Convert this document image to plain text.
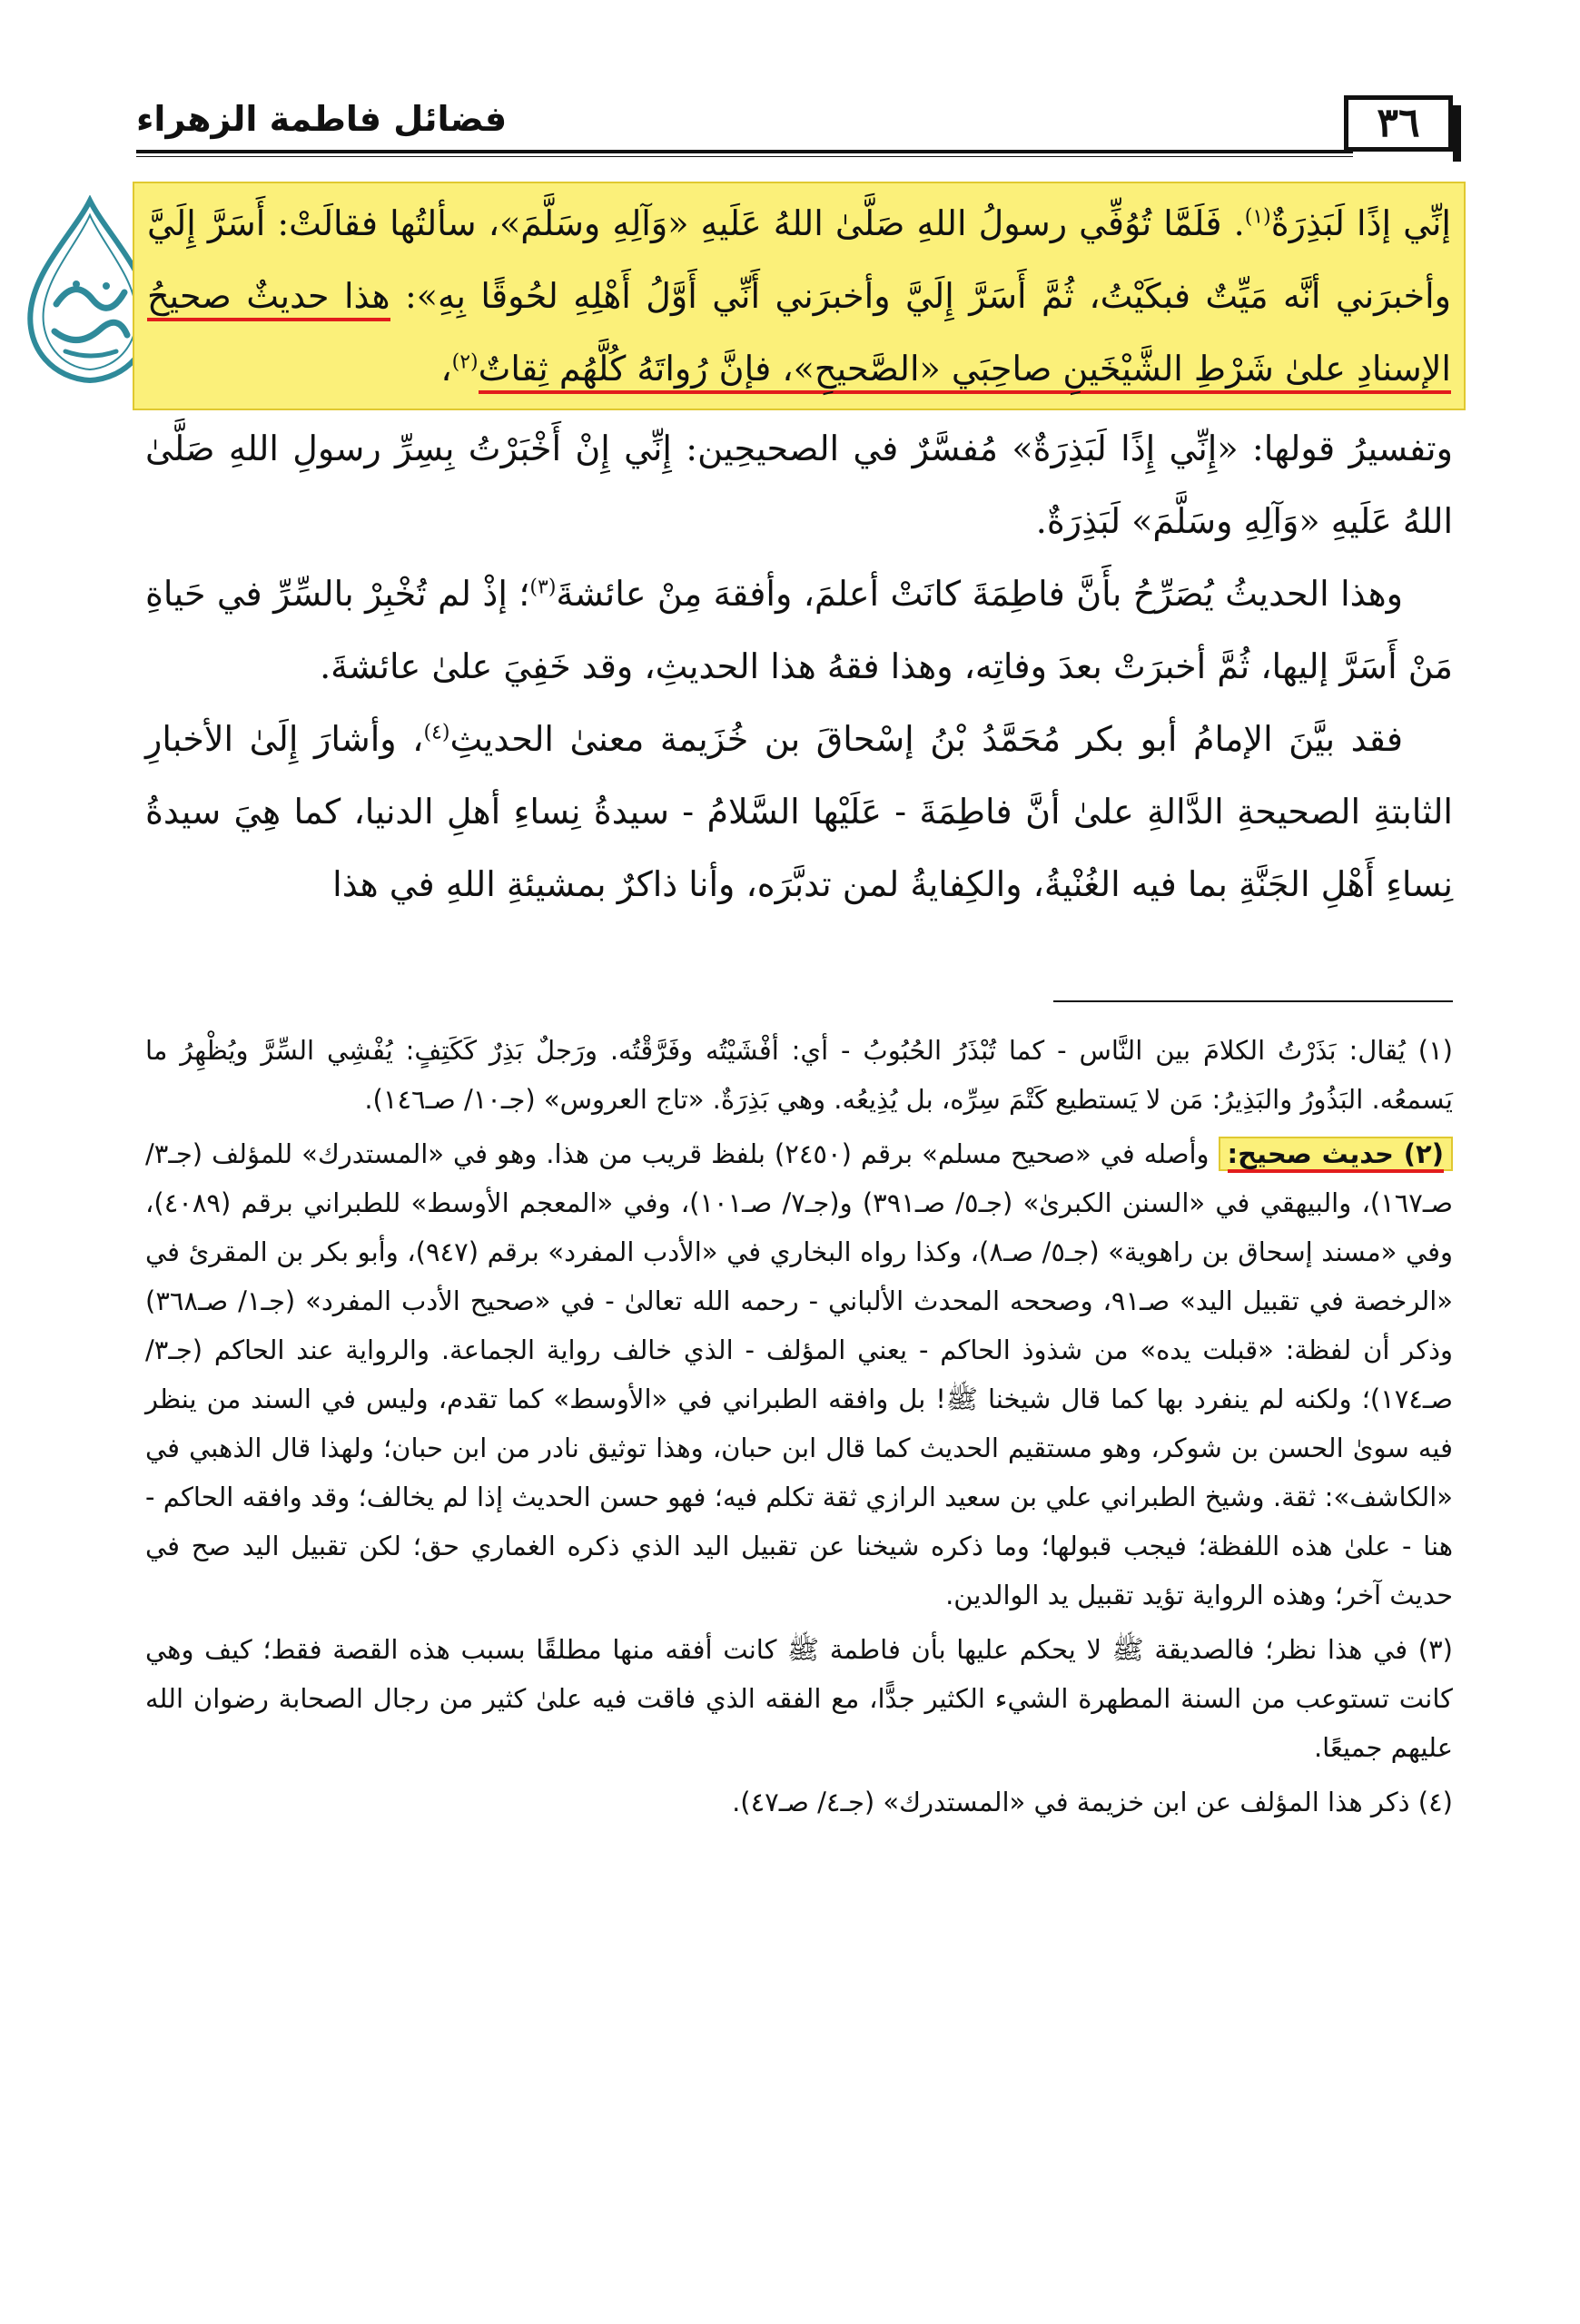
٣٦
فضائل فاطمة الزهراء

إنِّي إذًا لَبَذِرَةٌ$^{(١)}$. فَلَمَّا تُوُفِّي رسولُ اللهِ صَلَّىٰ اللهُ عَلَيهِ «وَآلِهِ وسَلَّمَ»، سألتُها فقالَتْ: أَسَرَّ إِلَيَّ وأخبرَني أنَّه مَيِّتٌ فبكَيْتُ، ثُمَّ أَسَرَّ إِلَيَّ وأخبرَني أَنِّي أَوَّلُ أَهْلِهِ لحُوقًا بِهِ»: هذا حديثٌ صحيحُ الإسنادِ علىٰ شَرْطِ الشَّيْخَينِ صاحِبَي «الصَّحيحِ»، فإنَّ رُواتَهُ كُلَّهُم ثِقاتٌ$^{(٢)}$،

وتفسيرُ قولها: «إِنِّي إِذًا لَبَذِرَةٌ» مُفسَّرٌ في الصحيحِين: إِنِّي إِنْ أَخْبَرْتُ بِسِرِّ رسولِ اللهِ صَلَّىٰ اللهُ عَلَيهِ «وَآلِهِ وسَلَّمَ» لَبَذِرَةٌ.

وهذا الحديثُ يُصَرِّحُ بأَنَّ فاطِمَةَ كانَتْ أعلمَ، وأفقهَ مِنْ عائشةَ$^{(٣)}$؛ إذْ لم تُخْبِرْ بالسِّرِّ في حَياةِ مَنْ أَسَرَّ إليها، ثُمَّ أخبرَتْ بعدَ وفاتِه، وهذا فقهُ هذا الحديثِ، وقد خَفِيَ علىٰ عائشةَ.

فقد بيَّنَ الإمامُ أبو بكر مُحَمَّدُ بْنُ إسْحاقَ بن خُزَيمة معنىٰ الحديثِ$^{(٤)}$، وأشارَ إِلَىٰ الأخبارِ الثابتةِ الصحيحةِ الدَّالةِ علىٰ أنَّ فاطِمَةَ - عَلَيْها السَّلامُ - سيدةُ نِساءِ أهلِ الدنيا، كما هِيَ سيدةُ نِساءِ أَهْلِ الجَنَّةِ بما فيه الغُنْيةُ، والكِفايةُ لمن تدبَّرَه، وأنا ذاكرٌ بمشيئةِ اللهِ في هذا

(١) يُقال: بَذَرْتُ الكلامَ بين النَّاس - كما تُبْذَرُ الحُبُوبُ - أي: أفْشَيْتُه وفَرَّقْتُه. ورَجلٌ بَذِرٌ كَكَتِفٍ: يُفْشِي السِّرَّ ويُظْهِرُ ما يَسمعُه. البَذُورُ والبَذِيرُ: مَن لا يَستطيع كَتْمَ سِرِّه، بل يُذِيعُه. وهي بَذِرَةٌ. «تاج العروس» (جـ١٠/ صـ١٤٦).

(٢) حديث صحيح: وأصله في «صحيح مسلم» برقم (٢٤٥٠) بلفظ قريب من هذا. وهو في «المستدرك» للمؤلف (جـ٣/ صـ١٦٧)، والبيهقي في «السنن الكبرىٰ» (جـ٥/ صـ٣٩١) و(جـ٧/ صـ١٠١)، وفي «المعجم الأوسط» للطبراني برقم (٤٠٨٩)، وفي «مسند إسحاق بن راهوية» (جـ٥/ صـ٨)، وكذا رواه البخاري في «الأدب المفرد» برقم (٩٤٧)، وأبو بكر بن المقرئ في «الرخصة في تقبيل اليد» صـ٩١، وصححه المحدث الألباني - رحمه الله تعالىٰ - في «صحيح الأدب المفرد» (جـ١/ صـ٣٦٨) وذكر أن لفظة: «قبلت يده» من شذوذ الحاكم - يعني المؤلف - الذي خالف رواية الجماعة. والرواية عند الحاكم (جـ٣/ صـ١٧٤)؛ ولكنه لم ينفرد بها كما قال شيخنا ﷺ! بل وافقه الطبراني في «الأوسط» كما تقدم، وليس في السند من ينظر فيه سوىٰ الحسن بن شوكر، وهو مستقيم الحديث كما قال ابن حبان، وهذا توثيق نادر من ابن حبان؛ ولهذا قال الذهبي في «الكاشف»: ثقة. وشيخ الطبراني علي بن سعيد الرازي ثقة تكلم فيه؛ فهو حسن الحديث إذا لم يخالف؛ وقد وافقه الحاكم - هنا - علىٰ هذه اللفظة؛ فيجب قبولها؛ وما ذكره شيخنا عن تقبيل اليد الذي ذكره الغماري حق؛ لكن تقبيل اليد صح في حديث آخر؛ وهذه الرواية تؤيد تقبيل يد الوالدين.

(٣) في هذا نظر؛ فالصديقة ﷺ لا يحكم عليها بأن فاطمة ﷺ كانت أفقه منها مطلقًا بسبب هذه القصة فقط؛ كيف وهي كانت تستوعب من السنة المطهرة الشيء الكثير جدًّا، مع الفقه الذي فاقت فيه علىٰ كثير من رجال الصحابة رضوان الله عليهم جميعًا.

(٤) ذكر هذا المؤلف عن ابن خزيمة في «المستدرك» (جـ٤/ صـ٤٧).
